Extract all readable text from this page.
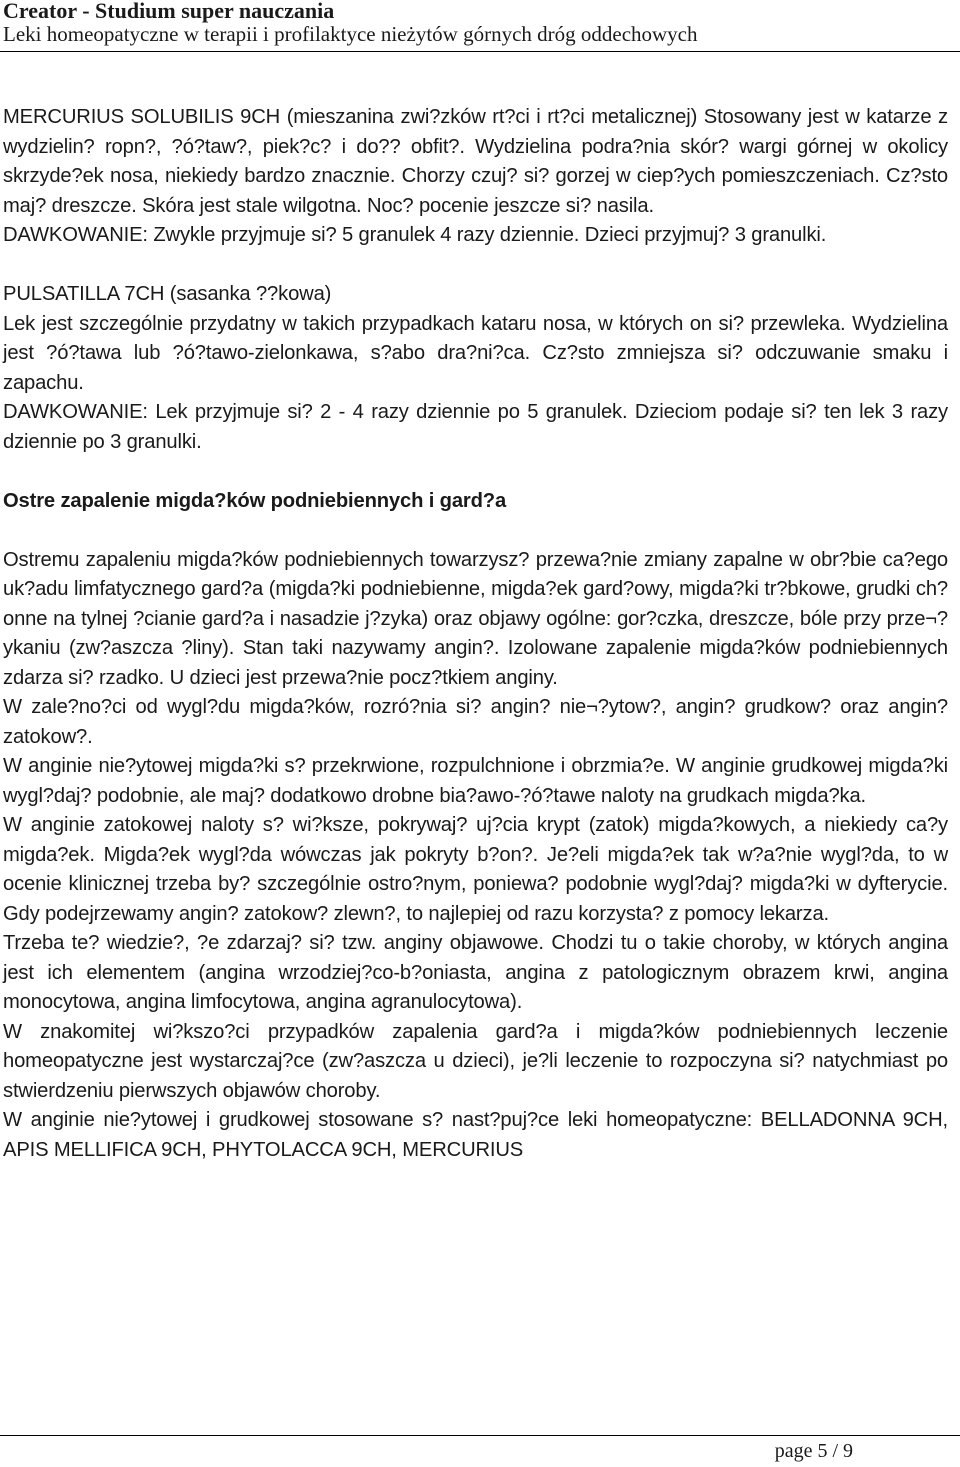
Creator - Studium super nauczania
Leki homeopatyczne w terapii i profilaktyce nieżytów górnych dróg oddechowych

MERCURIUS SOLUBILIS 9CH (mieszanina zwi?zków rt?ci i rt?ci metalicznej) Stosowany jest w katarze z wydzielin? ropn?, ?ó?taw?, piek?c? i do?? obfit?. Wydzielina podra?nia skór? wargi górnej w okolicy skrzyde?ek nosa, niekiedy bardzo znacznie. Chorzy czuj? si? gorzej w ciep?ych pomieszczeniach. Cz?sto maj? dreszcze. Skóra jest stale wilgotna. Noc? pocenie jeszcze si? nasila.

DAWKOWANIE: Zwykle przyjmuje si? 5 granulek 4 razy dziennie. Dzieci przyjmuj? 3 granulki.

PULSATILLA 7CH (sasanka ??kowa)

Lek jest szczególnie przydatny w takich przypadkach kataru nosa, w których on si? przewleka. Wydzielina jest ?ó?tawa lub ?ó?tawo-zielonkawa, s?abo dra?ni?ca. Cz?sto zmniejsza si? odczuwanie smaku i zapachu.

DAWKOWANIE: Lek przyjmuje si? 2 - 4 razy dziennie po 5 granulek. Dzieciom podaje si? ten lek 3 razy dziennie po 3 granulki.

Ostre zapalenie migda?ków podniebiennych i gard?a

Ostremu zapaleniu migda?ków podniebiennych towarzysz? przewa?nie zmiany zapalne w obr?bie ca?ego uk?adu limfatycznego gard?a (migda?ki podniebienne, migda?ek gard?owy, migda?ki tr?bkowe, grudki ch?onne na tylnej ?cianie gard?a i nasadzie j?zyka) oraz objawy ogólne: gor?czka, dreszcze, bóle przy prze¬?ykaniu (zw?aszcza ?liny). Stan taki nazywamy angin?. Izolowane zapalenie migda?ków podniebiennych zdarza si? rzadko. U dzieci jest przewa?nie pocz?tkiem anginy.

W zale?no?ci od wygl?du migda?ków, rozró?nia si? angin? nie¬?ytow?, angin? grudkow? oraz angin? zatokow?.

W anginie nie?ytowej migda?ki s? przekrwione, rozpulchnione i obrzmia?e. W anginie grudkowej migda?ki wygl?daj? podobnie, ale maj? dodatkowo drobne bia?awo-?ó?tawe naloty na grudkach migda?ka.

W anginie zatokowej naloty s? wi?ksze, pokrywaj? uj?cia krypt (zatok) migda?kowych, a niekiedy ca?y migda?ek. Migda?ek wygl?da wówczas jak pokryty b?on?. Je?eli migda?ek tak w?a?nie wygl?da, to w ocenie klinicznej trzeba by? szczególnie ostro?nym, poniewa? podobnie wygl?daj? migda?ki w dyfterycie. Gdy podejrzewamy angin? zatokow? zlewn?, to najlepiej od razu korzysta? z pomocy lekarza.

Trzeba te? wiedzie?, ?e zdarzaj? si? tzw. anginy objawowe. Chodzi tu o takie choroby, w których angina jest ich elementem (angina wrzodziej?co-b?oniasta, angina z patologicznym obrazem krwi, angina monocytowa, angina limfocytowa, angina agranulocytowa).

W znakomitej wi?kszo?ci przypadków zapalenia gard?a i migda?ków podniebiennych leczenie homeopatyczne jest wystarczaj?ce (zw?aszcza u dzieci), je?li leczenie to rozpoczyna si? natychmiast po stwierdzeniu pierwszych objawów choroby.

W anginie nie?ytowej i grudkowej stosowane s? nast?puj?ce leki homeopatyczne: BELLADONNA 9CH, APIS MELLIFICA 9CH, PHYTOLACCA 9CH, MERCURIUS

page 5 / 9
